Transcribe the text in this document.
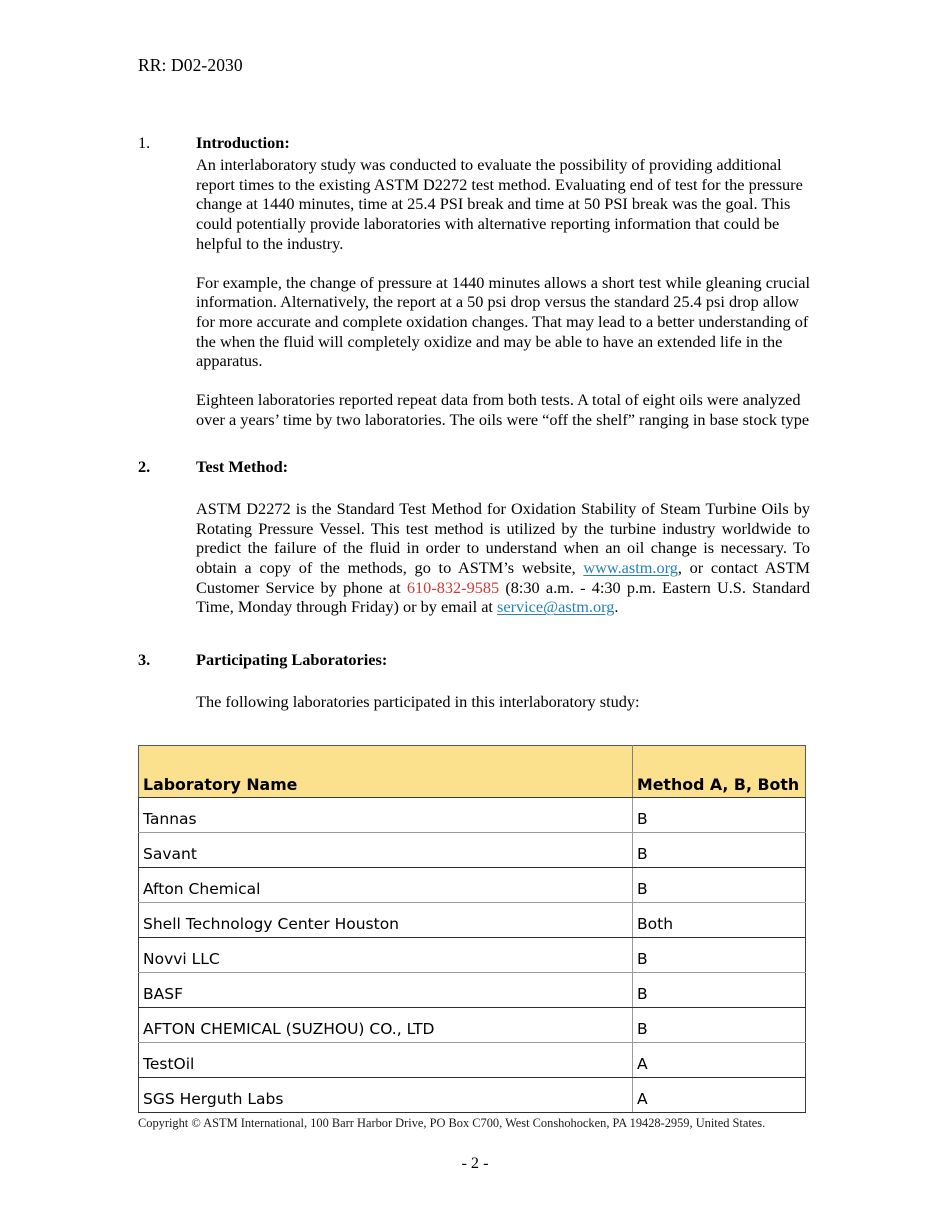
RR: D02-2030
1.	Introduction:

An interlaboratory study was conducted to evaluate the possibility of providing additional report times to the existing ASTM D2272 test method. Evaluating end of test for the pressure change at 1440 minutes, time at 25.4 PSI break and time at 50 PSI break was the goal. This could potentially provide laboratories with alternative reporting information that could be helpful to the industry.

For example, the change of pressure at 1440 minutes allows a short test while gleaning crucial information. Alternatively, the report at a 50 psi drop versus the standard 25.4 psi drop allow for more accurate and complete oxidation changes. That may lead to a better understanding of the when the fluid will completely oxidize and may be able to have an extended life in the apparatus.

Eighteen laboratories reported repeat data from both tests. A total of eight oils were analyzed over a years’ time by two laboratories. The oils were “off the shelf” ranging in base stock type

2.	Test Method:

ASTM D2272 is the Standard Test Method for Oxidation Stability of Steam Turbine Oils by Rotating Pressure Vessel. This test method is utilized by the turbine industry worldwide to predict the failure of the fluid in order to understand when an oil change is necessary. To obtain a copy of the methods, go to ASTM’s website, www.astm.org, or contact ASTM Customer Service by phone at 610-832-9585 (8:30 a.m. - 4:30 p.m. Eastern U.S. Standard Time, Monday through Friday) or by email at service@astm.org.

3.	Participating Laboratories:

The following laboratories participated in this interlaboratory study:

Laboratory Name	Method A, B, Both
Tannas	B
Savant	B
Afton Chemical	B
Shell Technology Center Houston	Both
Novvi LLC	B
BASF	B
AFTON CHEMICAL (SUZHOU) CO., LTD	B
TestOil	A
SGS Herguth Labs	A
Copyright © ASTM International, 100 Barr Harbor Drive, PO Box C700, West Conshohocken, PA 19428-2959, United States.
- 2 -
